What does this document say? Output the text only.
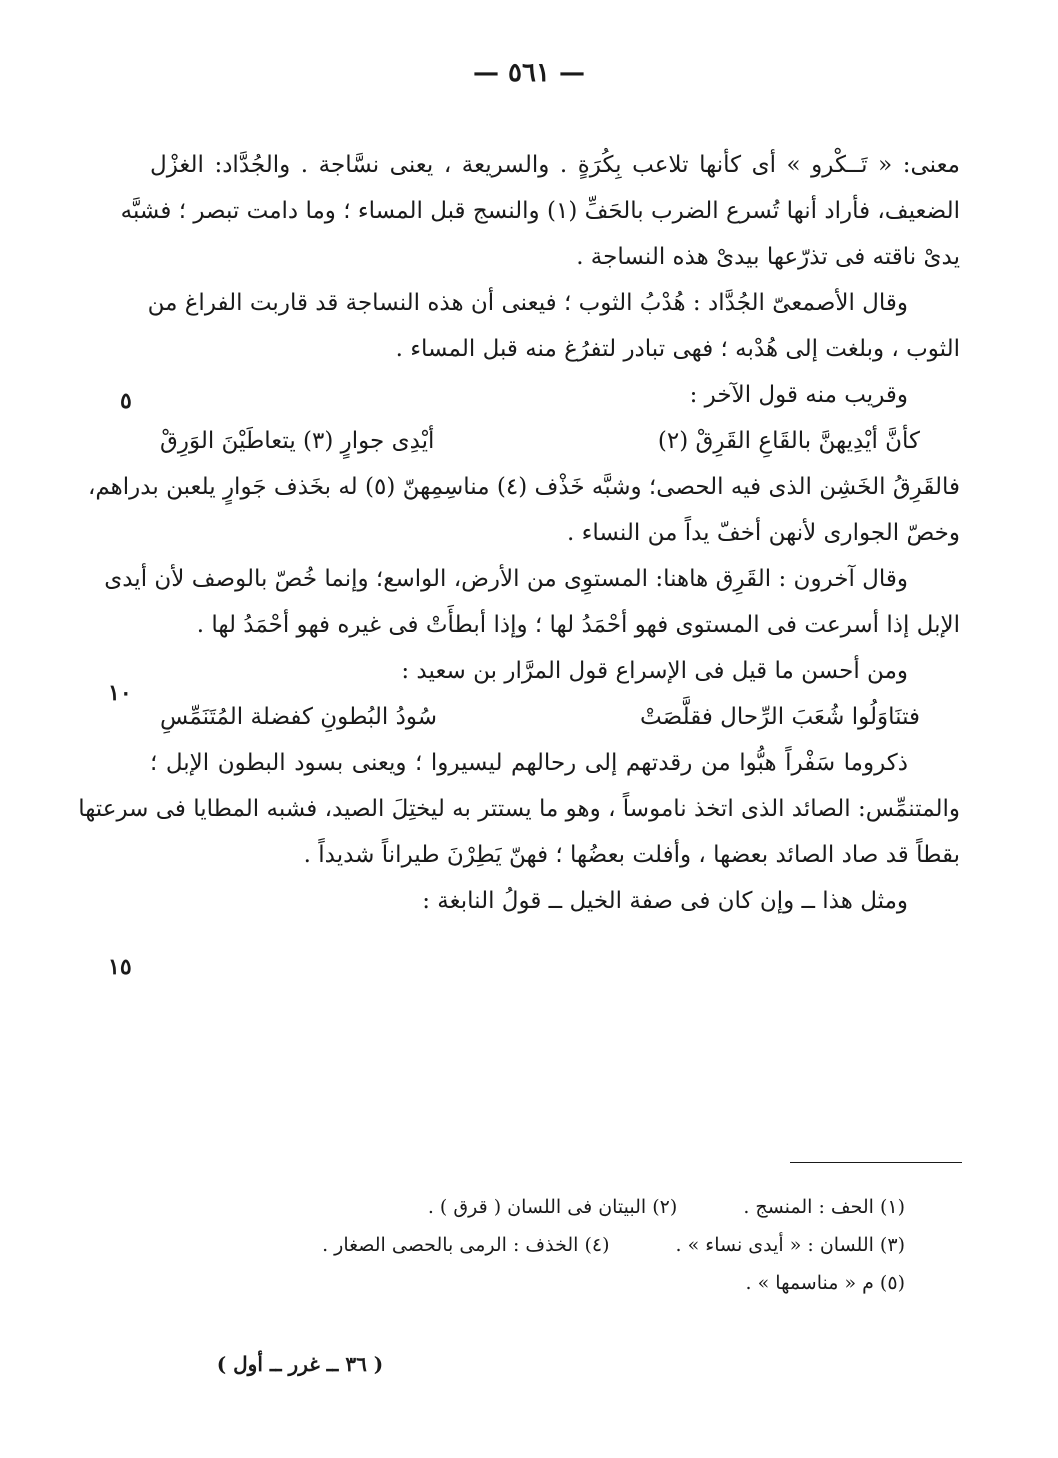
— ٥٦١ —
معنى: « تَــكْرو » أى كأنها تلاعب بِكُرَةٍ . والسريعة ، يعنى نسَّاجة . والجُدَّاد: الغزْل
الضعيف، فأراد أنها تُسرع الضرب بالحَفِّ (١) والنسج قبل المساء ؛ وما دامت تبصر ؛ فشبَّه
يدىْ ناقته فى تذرّعها بيدىْ هذه النساجة .
وقال الأصمعىّ الجُدَّاد : هُدْبُ الثوب ؛ فيعنى أن هذه النساجة قد قاربت الفراغ من
الثوب ، وبلغت إلى هُدْبه ؛ فهى تبادر لتفرُغ منه قبل المساء .
وقريب منه قول الآخر :
كأنَّ أيْدِيهنَّ بالقَاعِ القَرِقْ (٢)
أيْدِى جوارٍ (٣) يتعاطَيْنَ الوَرِقْ
فالقَرِقُ الخَشِن الذى فيه الحصى؛ وشبَّه خَذْف (٤) مناسِمِهنّ (٥) له بخَذف جَوارٍ يلعبن بدراهم،
وخصّ الجوارى لأنهن أخفّ يداً من النساء .
وقال آخرون : القَرِق هاهنا: المستوِى من الأرض، الواسع؛ وإنما خُصّ بالوصف لأن أيدى
الإبل إذا أسرعت فى المستوى فهو أحْمَدُ لها ؛ وإذا أبطأَتْ فى غيره فهو أحْمَدُ لها .
ومن أحسن ما قيل فى الإسراع قول المرَّار بن سعيد :
فتنَاوَلُوا شُعَبَ الرِّحال فقلَّصَتْ
سُودُ البُطونِ كفضلة المُتَنَمِّسِ
ذكروما سَفْراً هبُّوا من رقدتهم إلى رحالهم ليسيروا ؛ ويعنى بسود البطون الإبل ؛
والمتنمِّس: الصائد الذى اتخذ ناموساً ، وهو ما يستتر به ليختِلَ الصيد، فشبه المطايا فى سرعتها
بقطاً قد صاد الصائد بعضها ، وأفلت بعضُها ؛ فهنّ يَطِرْنَ طيراناً شديداً .
ومثل هذا ــ وإن كان فى صفة الخيل ــ قولُ النابغة :
٥
١٠
١٥
(١) الحف : المنسج . (٢) البيتان فى اللسان ( قرق ) .
(٣) اللسان : « أيدى نساء » . (٤) الخذف : الرمى بالحصى الصغار .
(٥) م « مناسمها » .
( ٣٦ ــ غرر ــ أول )
